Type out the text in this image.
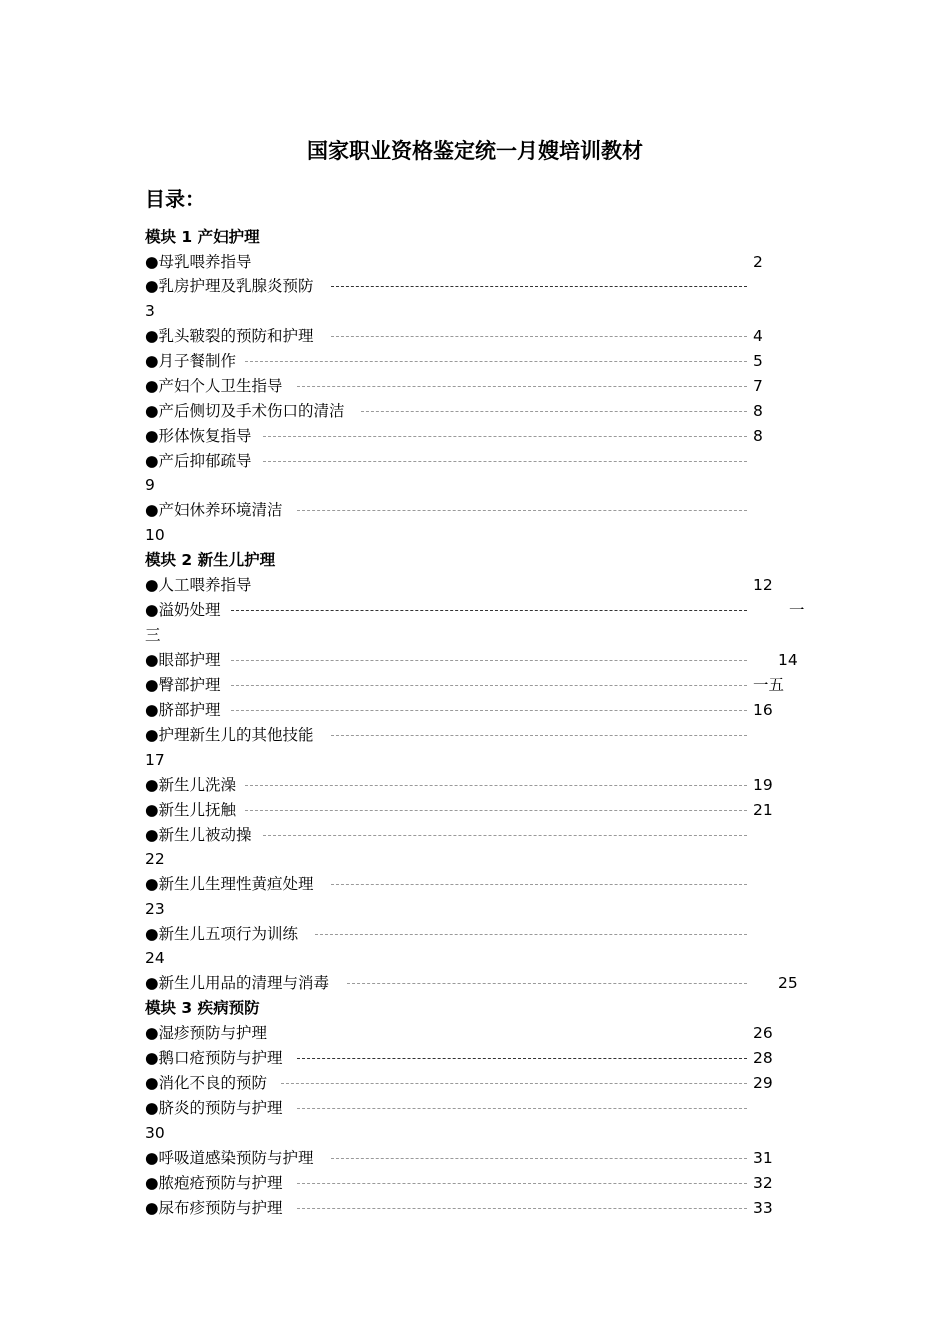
国家职业资格鉴定统一月嫂培训教材
目录：
模块 1 产妇护理
●母乳喂养指导	2
●乳房护理及乳腺炎预防
3
●乳头皲裂的预防和护理	4
●月子餐制作	5
●产妇个人卫生指导	7
●产后侧切及手术伤口的清洁	8
●形体恢复指导	8
●产后抑郁疏导
9
●产妇休养环境清洁
10
模块 2 新生儿护理
●人工喂养指导	12
●溢奶处理	一
三
●眼部护理	14
●臀部护理	一五
●脐部护理	16
●护理新生儿的其他技能
17
●新生儿洗澡	19
●新生儿抚触	21
●新生儿被动操
22
●新生儿生理性黄疸处理
23
●新生儿五项行为训练
24
●新生儿用品的清理与消毒	25
模块 3 疾病预防
●湿疹预防与护理	26
●鹅口疮预防与护理	28
●消化不良的预防	29
●脐炎的预防与护理
30
●呼吸道感染预防与护理	31
●脓疱疮预防与护理	32
●尿布疹预防与护理	33
